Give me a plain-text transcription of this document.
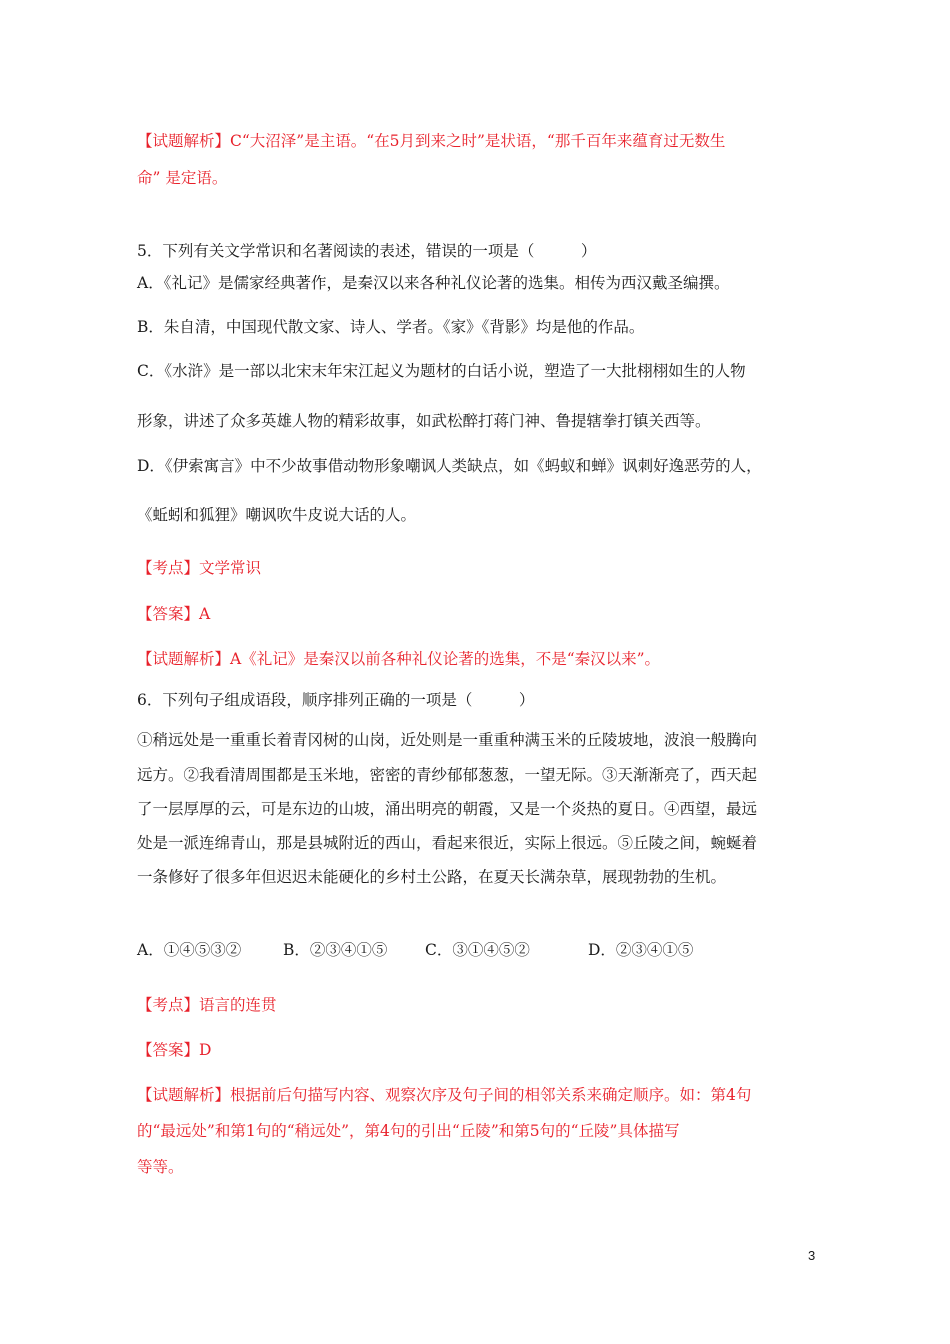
【试题解析】C“大沼泽”是主语。“在5月到来之时”是状语，“那千百年来蕴育过无数生
命” 是定语。
5．下列有关文学常识和名著阅读的表述，错误的一项是（　　　）
A．《礼记》是儒家经典著作，是秦汉以来各种礼仪论著的选集。相传为西汉戴圣编撰。
B．朱自清，中国现代散文家、诗人、学者。《家》《背影》均是他的作品。
C．《水浒》是一部以北宋末年宋江起义为题材的白话小说，塑造了一大批栩栩如生的人物
形象，讲述了众多英雄人物的精彩故事，如武松醉打蒋门神、鲁提辖拳打镇关西等。
D．《伊索寓言》中不少故事借动物形象嘲讽人类缺点，如《蚂蚁和蝉》讽刺好逸恶劳的人，
《蚯蚓和狐狸》嘲讽吹牛皮说大话的人。
【考点】文学常识
【答案】A
【试题解析】A《礼记》是秦汉以前各种礼仪论著的选集，不是“秦汉以来”。
6．下列句子组成语段，顺序排列正确的一项是（　　　）
①稍远处是一重重长着青冈树的山岗，近处则是一重重种满玉米的丘陵坡地，波浪一般腾向
远方。②我看清周围都是玉米地，密密的青纱郁郁葱葱，一望无际。③天渐渐亮了，西天起
了一层厚厚的云，可是东边的山坡，涌出明亮的朝霞，又是一个炎热的夏日。④西望，最远
处是一派连绵青山，那是县城附近的西山，看起来很近，实际上很远。⑤丘陵之间，蜿蜒着
一条修好了很多年但迟迟未能硬化的乡村土公路，在夏天长满杂草，展现勃勃的生机。
A．①④⑤③②	B．②③④①⑤ C．③①④⑤②	D．②③④①⑤
【考点】语言的连贯
【答案】D
【试题解析】根据前后句描写内容、观察次序及句子间的相邻关系来确定顺序。如：第4句
的“最远处”和第1句的“稍远处”，第4句的引出“丘陵”和第5句的“丘陵”具体描写
等等。
3
